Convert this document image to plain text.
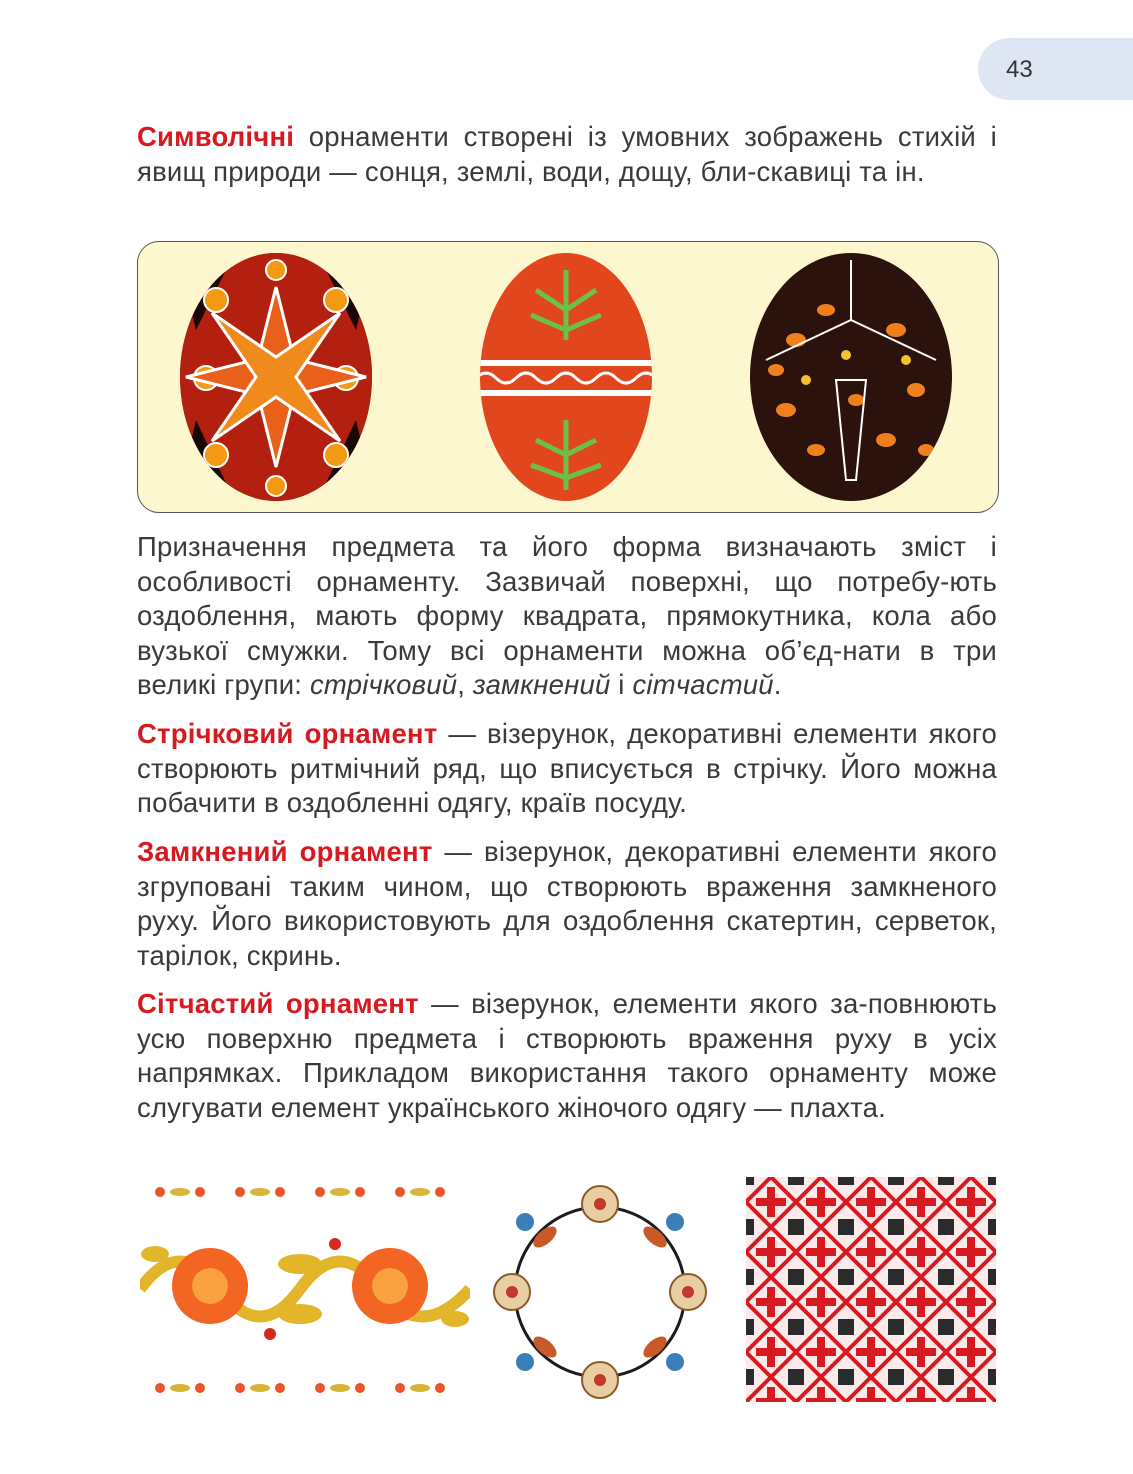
43

Символічні орнаменти створені із умовних зображень стихій і явищ природи — сонця, землі, води, дощу, бли-скавиці та ін.

Призначення предмета та його форма визначають зміст і особливості орнаменту. Зазвичай поверхні, що потребу-ють оздоблення, мають форму квадрата, прямокутника, кола або вузької смужки. Тому всі орнаменти можна об’єд-нати в три великі групи: стрічковий, замкнений і сітчастий.

Стрічковий орнамент — візерунок, декоративні елементи якого створюють ритмічний ряд, що вписується в стрічку. Його можна побачити в оздобленні одягу, країв посуду.

Замкнений орнамент — візерунок, декоративні елементи якого згруповані таким чином, що створюють враження замкненого руху. Його використовують для оздоблення скатертин, серветок, тарілок, скринь.

Сітчастий орнамент — візерунок, елементи якого за-повнюють усю поверхню предмета і створюють враження руху в усіх напрямках. Прикладом використання такого орнаменту може слугувати елемент українського жіночого одягу — плахта.
